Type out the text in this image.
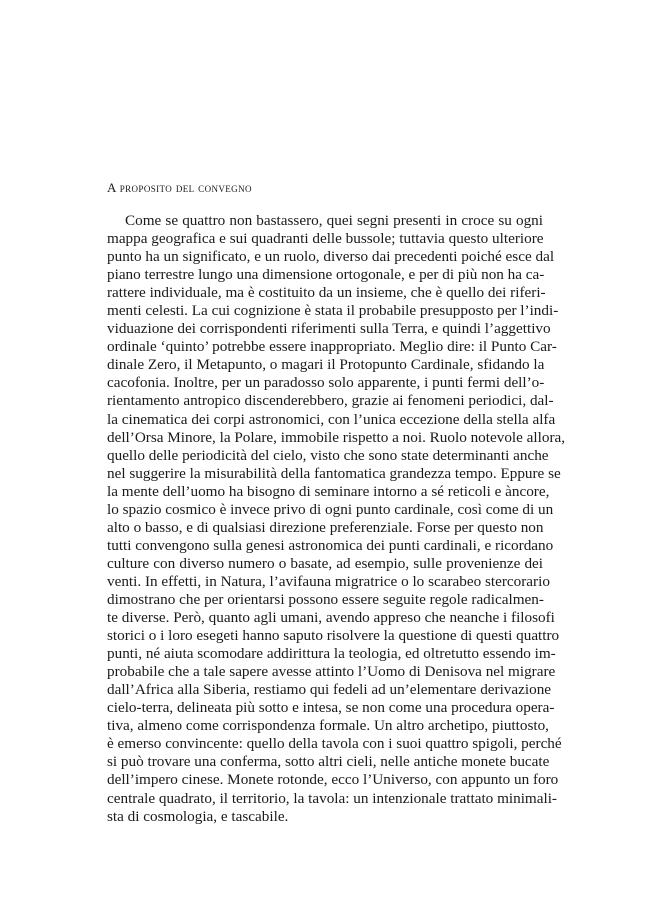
A proposito del convegno
Come se quattro non bastassero, quei segni presenti in croce su ogni
mappa geografica e sui quadranti delle bussole; tuttavia questo ulteriore
punto ha un significato, e un ruolo, diverso dai precedenti poiché esce dal
piano terrestre lungo una dimensione ortogonale, e per di più non ha ca-
rattere individuale, ma è costituito da un insieme, che è quello dei riferi-
menti celesti. La cui cognizione è stata il probabile presupposto per l’indi-
viduazione dei corrispondenti riferimenti sulla Terra, e quindi l’aggettivo
ordinale ‘quinto’ potrebbe essere inappropriato. Meglio dire: il Punto Car-
dinale Zero, il Metapunto, o magari il Protopunto Cardinale, sfidando la
cacofonia. Inoltre, per un paradosso solo apparente, i punti fermi dell’o-
rientamento antropico discenderebbero, grazie ai fenomeni periodici, dal-
la cinematica dei corpi astronomici, con l’unica eccezione della stella alfa
dell’Orsa Minore, la Polare, immobile rispetto a noi. Ruolo notevole allora,
quello delle periodicità del cielo, visto che sono state determinanti anche
nel suggerire la misurabilità della fantomatica grandezza tempo. Eppure se
la mente dell’uomo ha bisogno di seminare intorno a sé reticoli e àncore,
lo spazio cosmico è invece privo di ogni punto cardinale, così come di un
alto o basso, e di qualsiasi direzione preferenziale. Forse per questo non
tutti convengono sulla genesi astronomica dei punti cardinali, e ricordano
culture con diverso numero o basate, ad esempio, sulle provenienze dei
venti. In effetti, in Natura, l’avifauna migratrice o lo scarabeo stercorario
dimostrano che per orientarsi possono essere seguite regole radicalmen-
te diverse. Però, quanto agli umani, avendo appreso che neanche i filosofi
storici o i loro esegeti hanno saputo risolvere la questione di questi quattro
punti, né aiuta scomodare addirittura la teologia, ed oltretutto essendo im-
probabile che a tale sapere avesse attinto l’Uomo di Denisova nel migrare
dall’Africa alla Siberia, restiamo qui fedeli ad un’elementare derivazione
cielo-terra, delineata più sotto e intesa, se non come una procedura opera-
tiva, almeno come corrispondenza formale. Un altro archetipo, piuttosto,
è emerso convincente: quello della tavola con i suoi quattro spigoli, perché
si può trovare una conferma, sotto altri cieli, nelle antiche monete bucate
dell’impero cinese. Monete rotonde, ecco l’Universo, con appunto un foro
centrale quadrato, il territorio, la tavola: un intenzionale trattato minimali-
sta di cosmologia, e tascabile.
